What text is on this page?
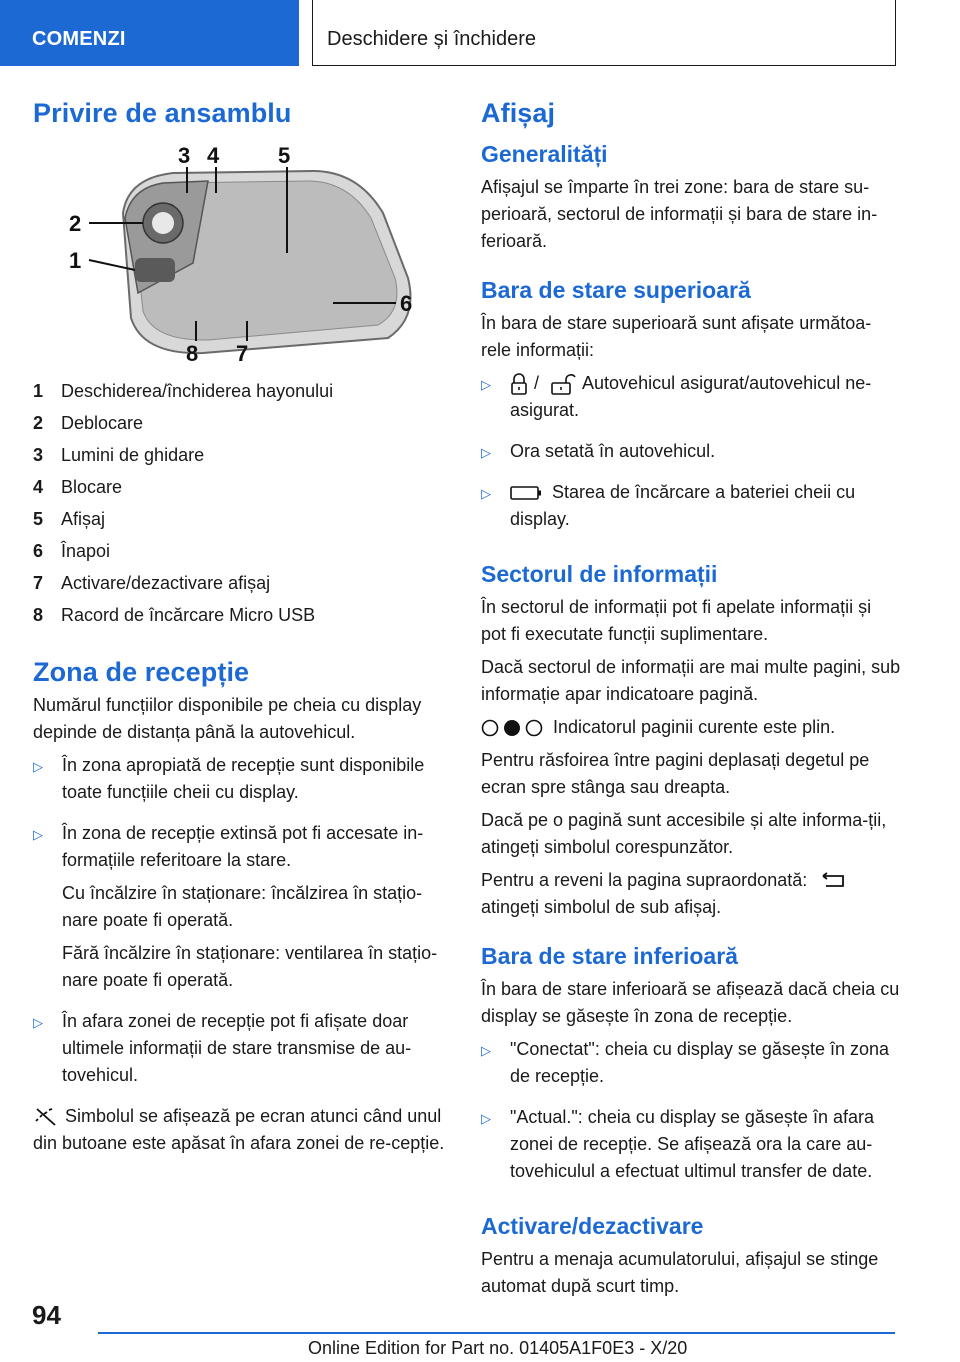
COMENZI	Deschidere și închidere
Privire de ansamblu
3 4	5
2
1
6
7
8
1 Deschiderea/închiderea hayonului
2 Deblocare
3 Lumini de ghidare
4 Blocare
5 Afișaj
6 Înapoi
7 Activare/dezactivare afișaj
8 Racord de încărcare Micro USB
Zona de recepție

Numărul funcțiilor disponibile pe cheia cu display depinde de distanța până la autovehicul.

▷	În zona apropiată de recepție sunt disponibile toate funcțiile cheii cu display.

▷	În zona de recepție extinsă pot fi accesate in-formațiile referitoare la stare.

Cu încălzire în staționare: încălzirea în stațio-nare poate fi operată.

Fără încălzire în staționare: ventilarea în stațio-nare poate fi operată.

▷	În afara zonei de recepție pot fi afișate doar ultimele informații de stare transmise de au-tovehicul.

Simbolul se afișează pe ecran atunci când unul din butoane este apăsat în afara zonei de re-cepție.

Afișaj
Generalități

Afișajul se împarte în trei zone: bara de stare su-perioară, sectorul de informații și bara de stare in-ferioară.

Bara de stare superioară

În bara de stare superioară sunt afișate următoa-rele informații:

▷	/ Autovehicul asigurat/autovehicul ne-asigurat.

▷	Ora setată în autovehicul.

▷	Starea de încărcare a bateriei cheii cu display.

Sectorul de informații

În sectorul de informații pot fi apelate informații și pot fi executate funcții suplimentare.

Dacă sectorul de informații are mai multe pagini, sub informație apar indicatoare pagină.

Indicatorul paginii curente este plin.

Pentru răsfoirea între pagini deplasați degetul pe ecran spre stânga sau dreapta.

Dacă pe o pagină sunt accesibile și alte informa-ții, atingeți simbolul corespunzător.

Pentru a reveni la pagina supraordonată:
atingeți simbolul de sub afișaj.

Bara de stare inferioară

În bara de stare inferioară se afișează dacă cheia cu display se găsește în zona de recepție.

▷	"Conectat": cheia cu display se găsește în zona de recepție.

▷	"Actual.": cheia cu display se găsește în afara zonei de recepție. Se afișează ora la care au-tovehiculul a efectuat ultimul transfer de date.

Activare/dezactivare

Pentru a menaja acumulatorului, afișajul se stinge automat după scurt timp.

94
Online Edition for Part no. 01405A1F0E3 - X/20
